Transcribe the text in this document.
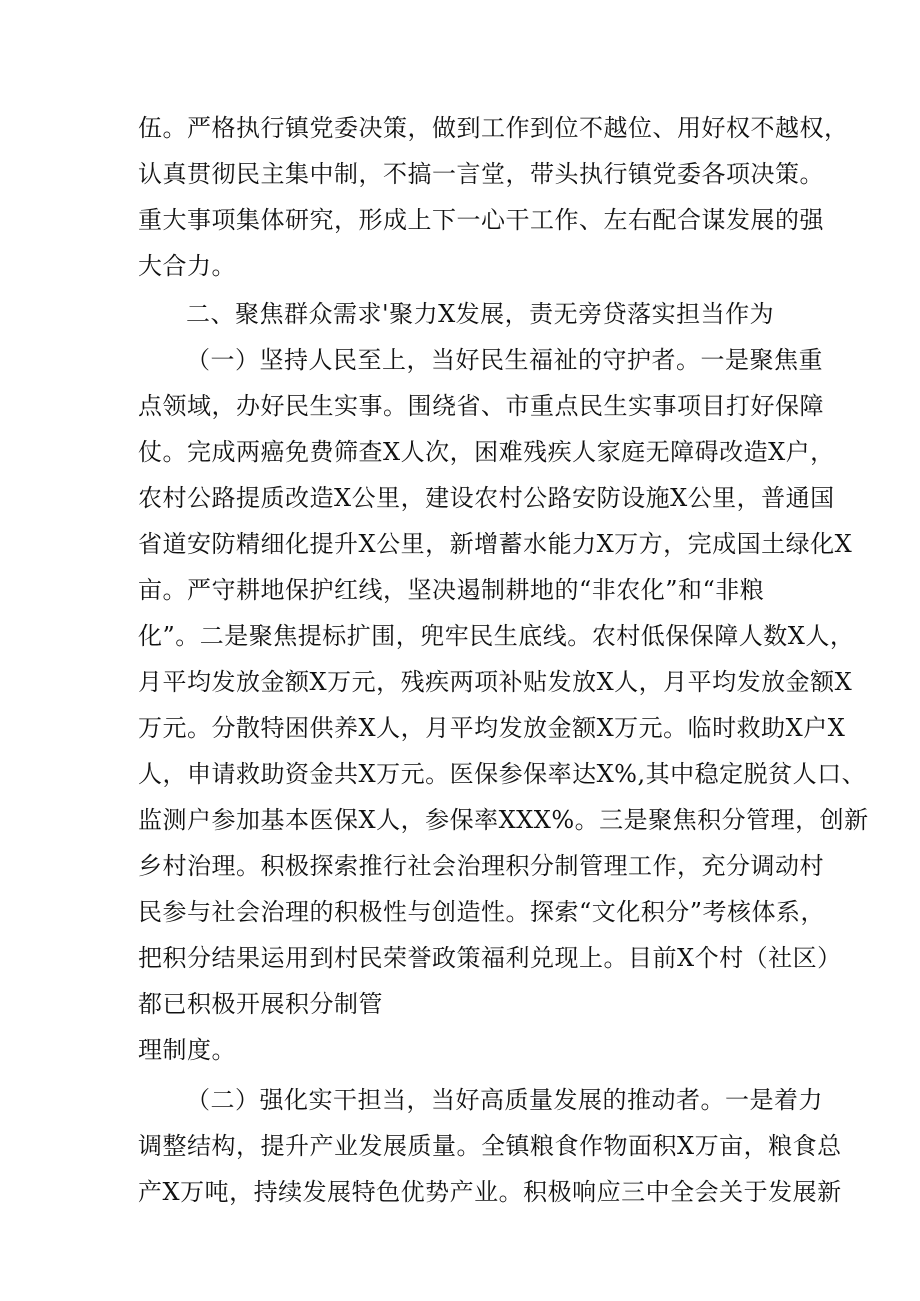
伍。严格执行镇党委决策，做到工作到位不越位、用好权不越权，
认真贯彻民主集中制，不搞一言堂，带头执行镇党委各项决策。
重大事项集体研究，形成上下一心干工作、左右配合谋发展的强
大合力。
二、聚焦群众需求'聚力X发展，责无旁贷落实担当作为
（一）坚持人民至上，当好民生福祉的守护者。一是聚焦重
点领域，办好民生实事。围绕省、市重点民生实事项目打好保障
仗。完成两癌免费筛查X人次，困难残疾人家庭无障碍改造X户，
农村公路提质改造X公里，建设农村公路安防设施X公里，普通国
省道安防精细化提升X公里，新增蓄水能力X万方，完成国土绿化X
亩。严守耕地保护红线，坚决遏制耕地的“非农化”和“非粮
化”。二是聚焦提标扩围，兜牢民生底线。农村低保保障人数X人，
月平均发放金额X万元，残疾两项补贴发放X人，月平均发放金额X
万元。分散特困供养X人，月平均发放金额X万元。临时救助X户X
人，申请救助资金共X万元。医保参保率达X%,其中稳定脱贫人口、
监测户参加基本医保X人，参保率XXX%。三是聚焦积分管理，创新
乡村治理。积极探索推行社会治理积分制管理工作，充分调动村
民参与社会治理的积极性与创造性。探索“文化积分”考核体系，
把积分结果运用到村民荣誉政策福利兑现上。目前X个村（社区）
都已积极开展积分制管
理制度。
（二）强化实干担当，当好高质量发展的推动者。一是着力
调整结构，提升产业发展质量。全镇粮食作物面积X万亩，粮食总
产X万吨，持续发展特色优势产业。积极响应三中全会关于发展新
